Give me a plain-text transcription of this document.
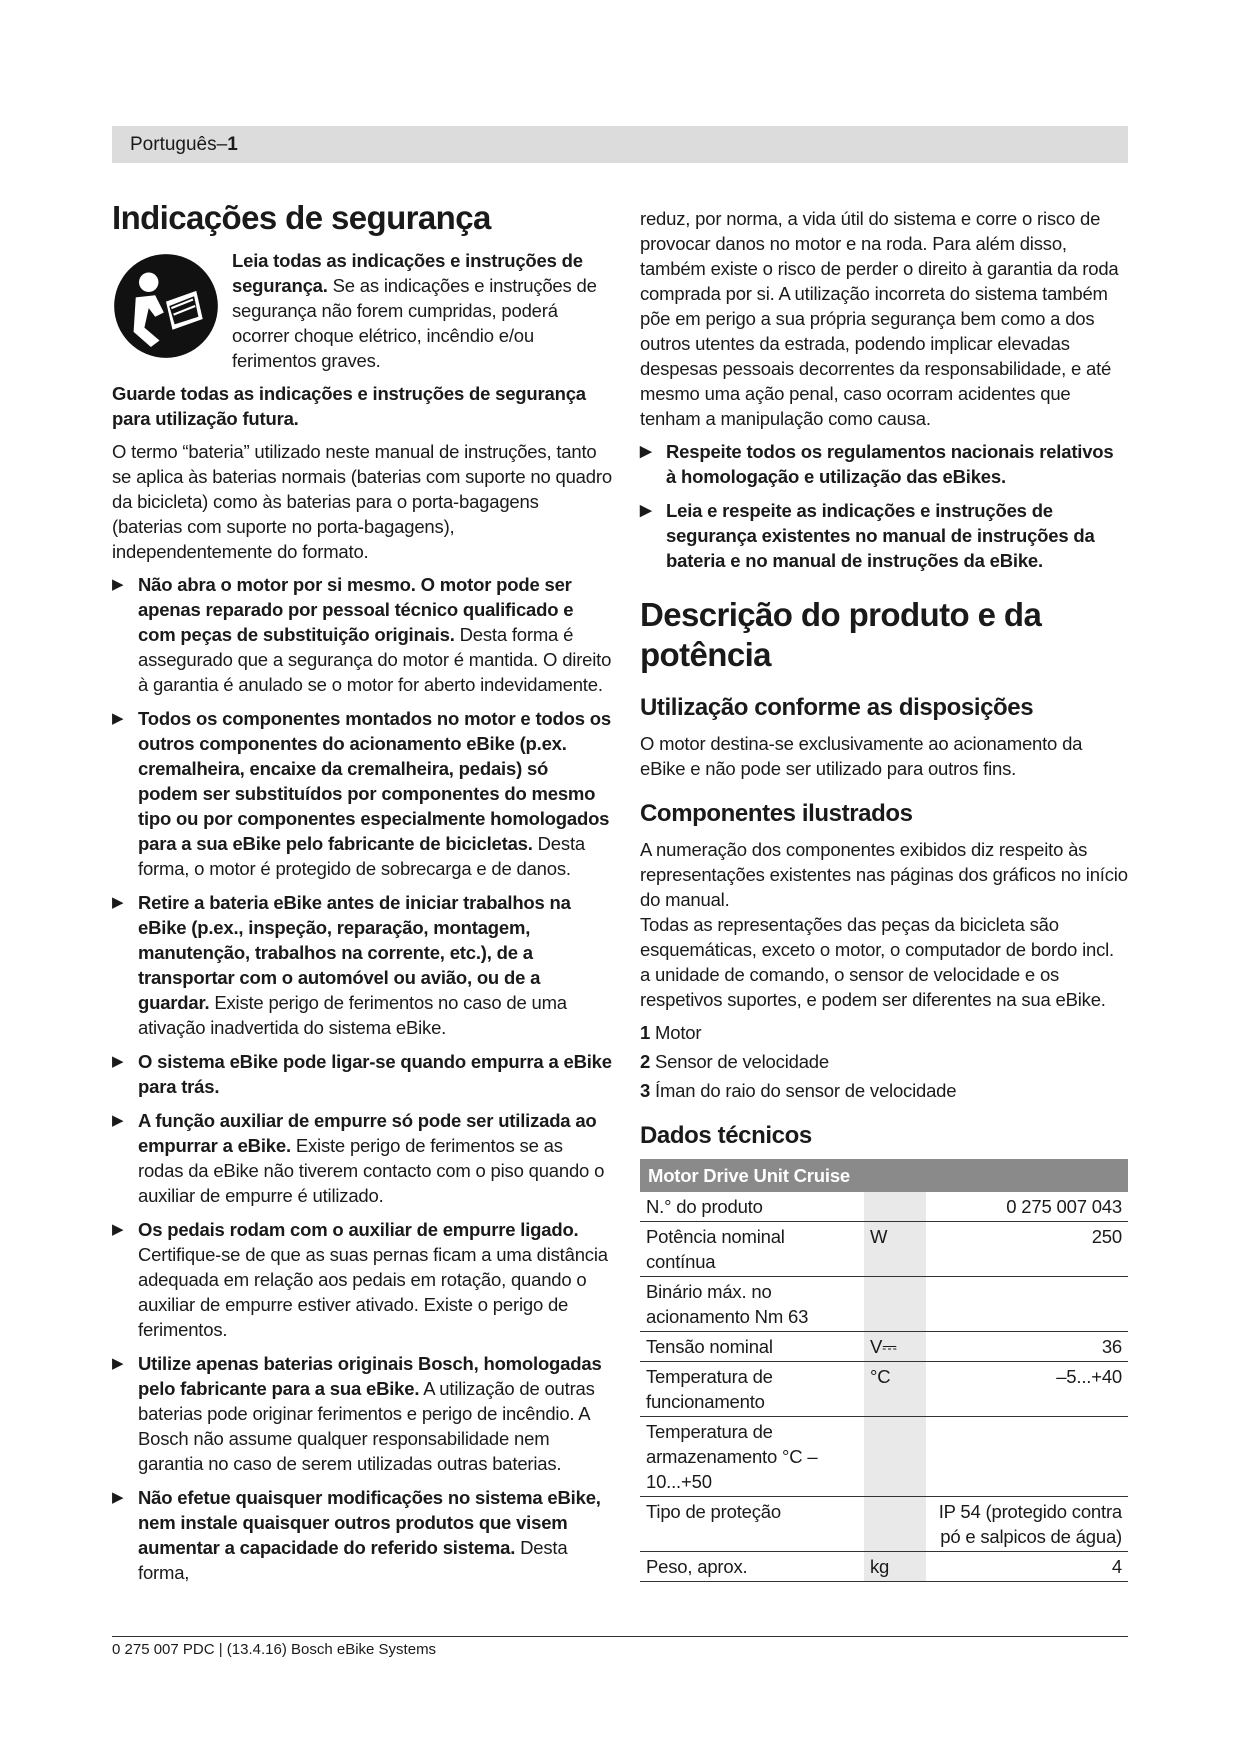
Português–1
Indicações de segurança
Leia todas as indicações e instruções de segurança. Se as indicações e instruções de segurança não forem cumpridas, poderá ocorrer choque elétrico, incêndio e/ou ferimentos graves.

Guarde todas as indicações e instruções de segurança para utilização futura.

O termo “bateria” utilizado neste manual de instruções, tanto se aplica às baterias normais (baterias com suporte no quadro da bicicleta) como às baterias para o porta-bagagens (baterias com suporte no porta-bagagens), independentemente do formato.

▶ Não abra o motor por si mesmo. O motor pode ser apenas reparado por pessoal técnico qualificado e com peças de substituição originais. Desta forma é assegurado que a segurança do motor é mantida. O direito à garantia é anulado se o motor for aberto indevidamente.
▶ Todos os componentes montados no motor e todos os outros componentes do acionamento eBike (p.ex. cremalheira, encaixe da cremalheira, pedais) só podem ser substituídos por componentes do mesmo tipo ou por componentes especialmente homologados para a sua eBike pelo fabricante de bicicletas. Desta forma, o motor é protegido de sobrecarga e de danos.
▶ Retire a bateria eBike antes de iniciar trabalhos na eBike (p.ex., inspeção, reparação, montagem, manutenção, trabalhos na corrente, etc.), de a transportar com o automóvel ou avião, ou de a guardar. Existe perigo de ferimentos no caso de uma ativação inadvertida do sistema eBike.
▶ O sistema eBike pode ligar-se quando empurra a eBike para trás.
▶ A função auxiliar de empurre só pode ser utilizada ao empurrar a eBike. Existe perigo de ferimentos se as rodas da eBike não tiverem contacto com o piso quando o auxiliar de empurre é utilizado.
▶ Os pedais rodam com o auxiliar de empurre ligado. Certifique-se de que as suas pernas ficam a uma distância adequada em relação aos pedais em rotação, quando o auxiliar de empurre estiver ativado. Existe o perigo de ferimentos.
▶ Utilize apenas baterias originais Bosch, homologadas pelo fabricante para a sua eBike. A utilização de outras baterias pode originar ferimentos e perigo de incêndio. A Bosch não assume qualquer responsabilidade nem garantia no caso de serem utilizadas outras baterias.
▶ Não efetue quaisquer modificações no sistema eBike, nem instale quaisquer outros produtos que visem aumentar a capacidade do referido sistema. Desta forma,

reduz, por norma, a vida útil do sistema e corre o risco de provocar danos no motor e na roda. Para além disso, também existe o risco de perder o direito à garantia da roda comprada por si. A utilização incorreta do sistema também põe em perigo a sua própria segurança bem como a dos outros utentes da estrada, podendo implicar elevadas despesas pessoais decorrentes da responsabilidade, e até mesmo uma ação penal, caso ocorram acidentes que tenham a manipulação como causa.

▶ Respeite todos os regulamentos nacionais relativos à homologação e utilização das eBikes.
▶ Leia e respeite as indicações e instruções de segurança existentes no manual de instruções da bateria e no manual de instruções da eBike.
Descrição do produto e da potência
Utilização conforme as disposições

O motor destina-se exclusivamente ao acionamento da eBike e não pode ser utilizado para outros fins.

Componentes ilustrados

A numeração dos componentes exibidos diz respeito às representações existentes nas páginas dos gráficos no início do manual.

Todas as representações das peças da bicicleta são esquemáticas, exceto o motor, o computador de bordo incl. a unidade de comando, o sensor de velocidade e os respetivos suportes, e podem ser diferentes na sua eBike.

1 Motor
2 Sensor de velocidade
3 Íman do raio do sensor de velocidade
Dados técnicos
Motor Drive Unit Cruise		
N.° do produto		0 275 007 043
Potência nominal contínua	W	250
Binário máx. no acionamento Nm 63		
Tensão nominal	V⎓	36
Temperatura de funcionamento	°C	–5...+40
Temperatura de armazenamento °C –10...+50		
Tipo de proteção		IP 54 (protegido contra pó e salpicos de água)
Peso, aprox.	kg	4
0 275 007 PDC | (13.4.16) Bosch eBike Systems
